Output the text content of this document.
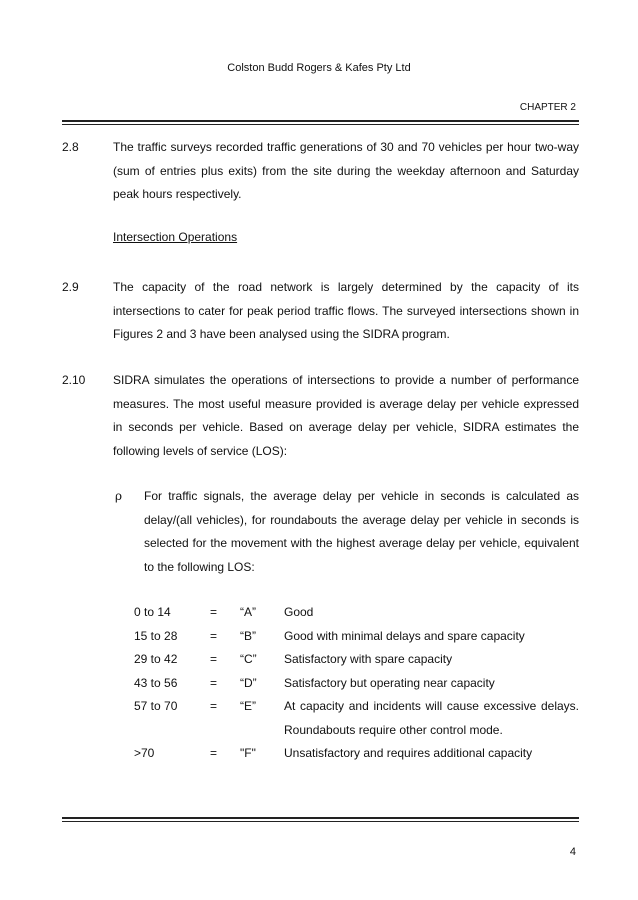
Colston Budd Rogers & Kafes Pty Ltd
CHAPTER 2
2.8	The traffic surveys recorded traffic generations of 30 and 70 vehicles per hour two-way (sum of entries plus exits) from the site during the weekday afternoon and Saturday peak hours respectively.
Intersection Operations
2.9	The capacity of the road network is largely determined by the capacity of its intersections to cater for peak period traffic flows. The surveyed intersections shown in Figures 2 and 3 have been analysed using the SIDRA program.
2.10 SIDRA simulates the operations of intersections to provide a number of performance measures. The most useful measure provided is average delay per vehicle expressed in seconds per vehicle. Based on average delay per vehicle, SIDRA estimates the following levels of service (LOS):
ρ For traffic signals, the average delay per vehicle in seconds is calculated as delay/(all vehicles), for roundabouts the average delay per vehicle in seconds is selected for the movement with the highest average delay per vehicle, equivalent to the following LOS:
0 to 14	=	“A”	Good
15 to 28	=	“B”	Good with minimal delays and spare capacity
29 to 42	=	“C”	Satisfactory with spare capacity
43 to 56	=	“D”	Satisfactory but operating near capacity
57 to 70	=	“E”	At capacity and incidents will cause excessive delays. Roundabouts require other control mode.
>70	=	"F"	Unsatisfactory and requires additional capacity
4
